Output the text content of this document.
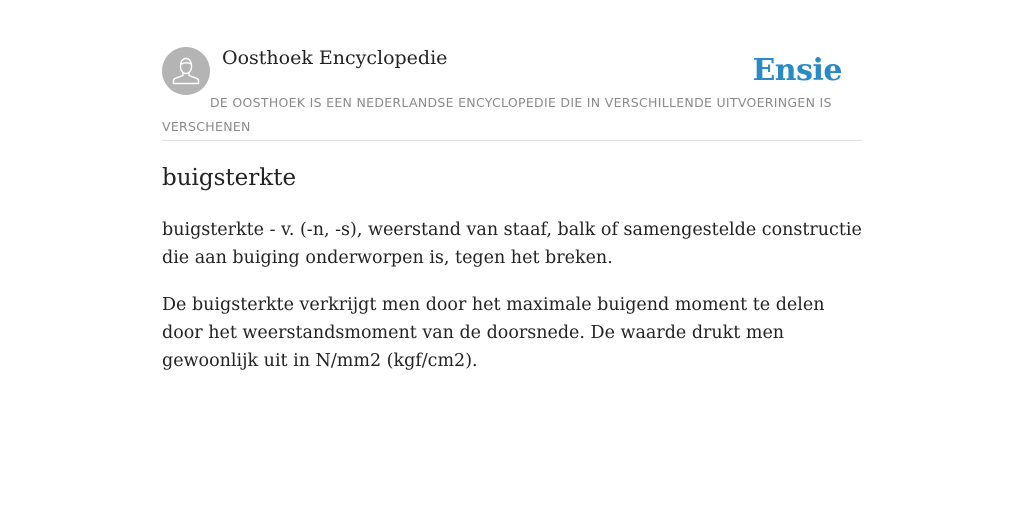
Oosthoek Encyclopedie	Ensie
DE OOSTHOEK IS EEN NEDERLANDSE ENCYCLOPEDIE DIE IN VERSCHILLENDE UITVOERINGEN IS VERSCHENEN
buigsterkte

buigsterkte - v. (-n, -s), weerstand van staaf, balk of samengestelde constructie die aan buiging onderworpen is, tegen het breken.

De buigsterkte verkrijgt men door het maximale buigend moment te delen door het weerstandsmoment van de doorsnede. De waarde drukt men gewoonlijk uit in N/mm2 (kgf/cm2).
